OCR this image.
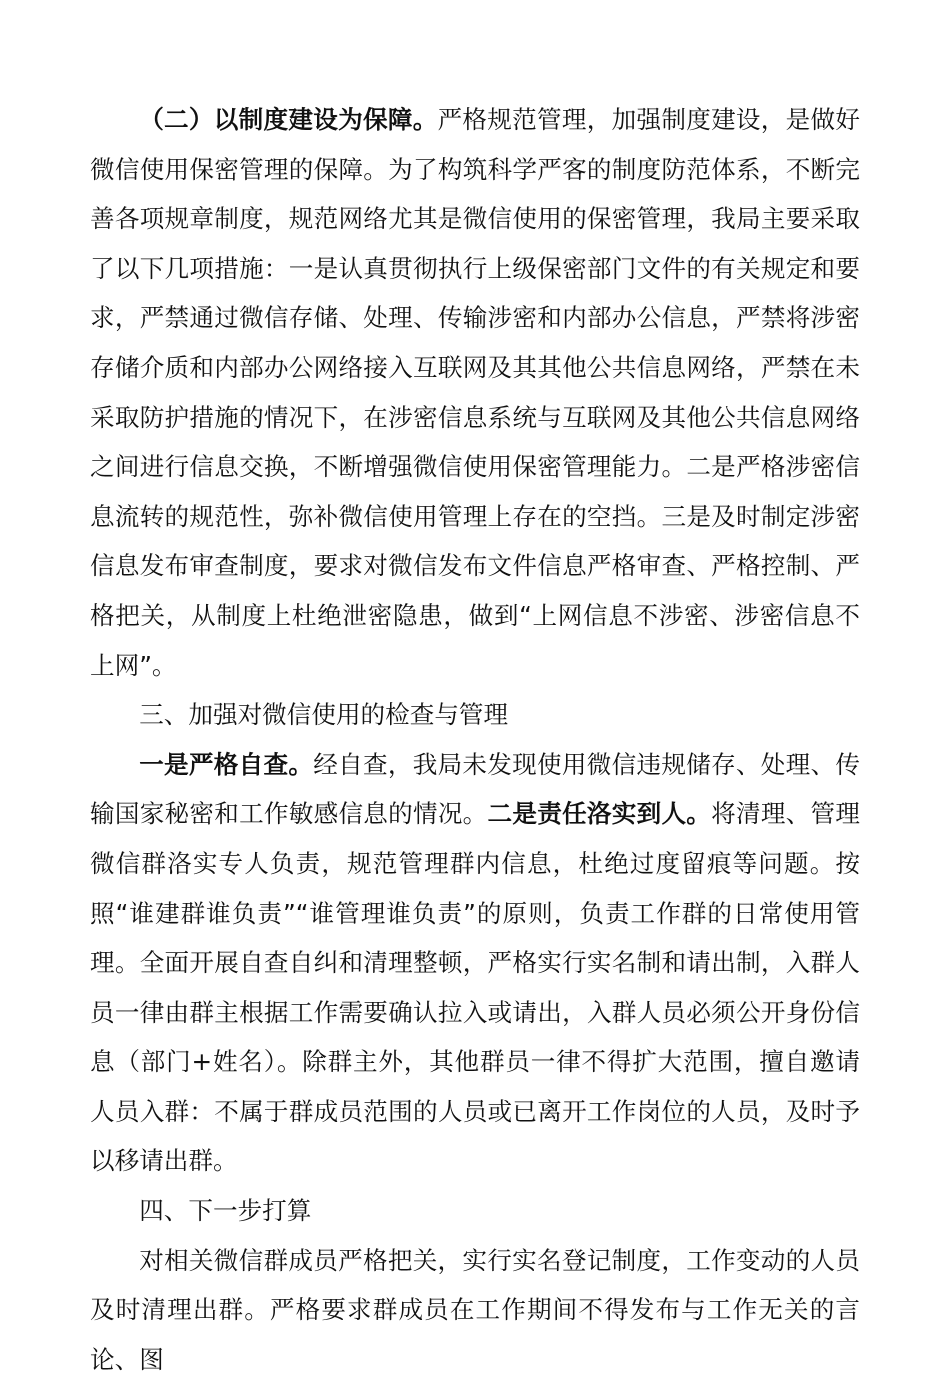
（二）以制度建设为保障。严格规范管理，加强制度建设，是做好微信使用保密管理的保障。为了构筑科学严客的制度防范体系，不断完善各项规章制度，规范网络尤其是微信使用的保密管理，我局主要采取了以下几项措施：一是认真贯彻执行上级保密部门文件的有关规定和要求，严禁通过微信存储、处理、传输涉密和内部办公信息，严禁将涉密存储介质和内部办公网络接入互联网及其其他公共信息网络，严禁在未采取防护措施的情况下，在涉密信息系统与互联网及其他公共信息网络之间进行信息交换，不断增强微信使用保密管理能力。二是严格涉密信息流转的规范性，弥补微信使用管理上存在的空挡。三是及时制定涉密信息发布审查制度，要求对微信发布文件信息严格审查、严格控制、严格把关，从制度上杜绝泄密隐患，做到“上网信息不涉密、涉密信息不上网”。

三、加强对微信使用的检查与管理

一是严格自查。经自查，我局未发现使用微信违规储存、处理、传输国家秘密和工作敏感信息的情况。二是责任洛实到人。将清理、管理微信群洛实专人负责，规范管理群内信息，杜绝过度留痕等问题。按照“谁建群谁负责”“谁管理谁负责”的原则，负责工作群的日常使用管理。全面开展自查自纠和清理整顿，严格实行实名制和请出制，入群人员一律由群主根据工作需要确认拉入或请出，入群人员必须公开身份信息（部门+姓名）。除群主外，其他群员一律不得扩大范围，擅自邀请人员入群：不属于群成员范围的人员或已离开工作岗位的人员，及时予以移请出群。

四、下一步打算

对相关微信群成员严格把关，实行实名登记制度，工作变动的人员及时清理出群。严格要求群成员在工作期间不得发布与工作无关的言论、图
